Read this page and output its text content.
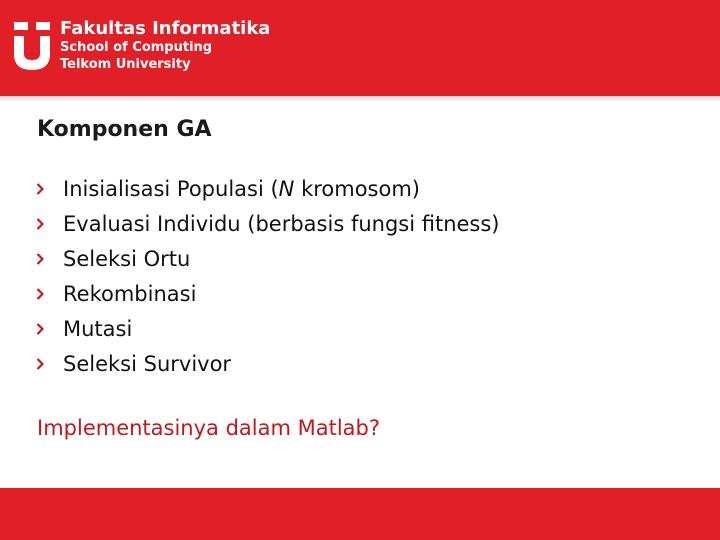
Fakultas Informatika
School of Computing
Telkom University
Komponen GA
Inisialisasi Populasi (N kromosom)
Evaluasi Individu (berbasis fungsi fitness)
Seleksi Ortu
Rekombinasi
Mutasi
Seleksi Survivor
Implementasinya dalam Matlab?
